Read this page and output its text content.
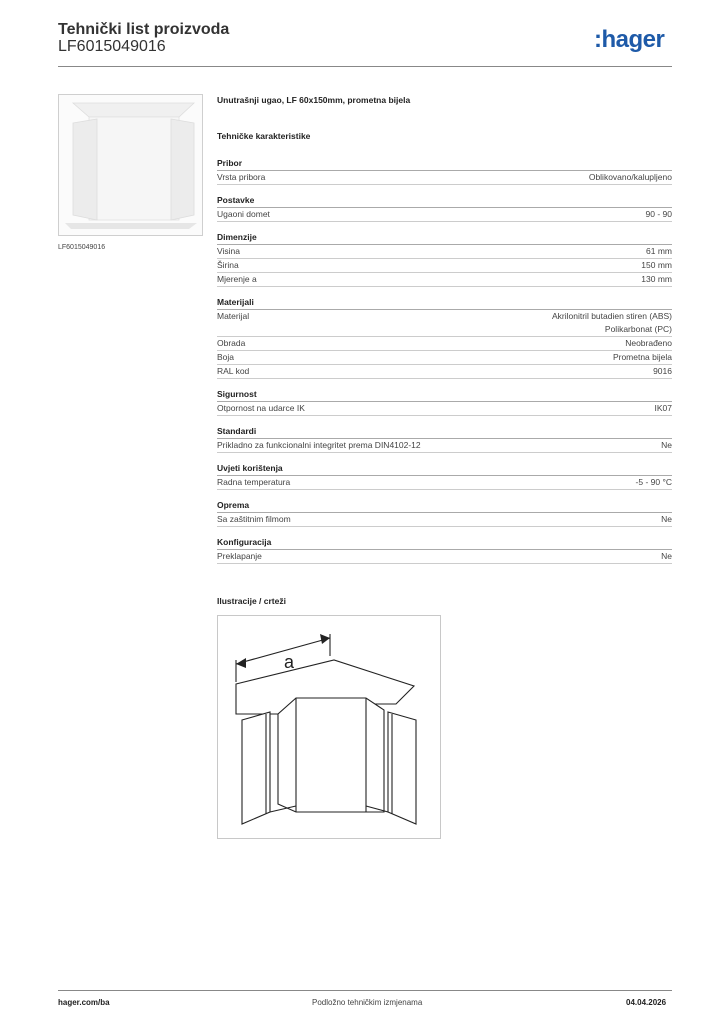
Tehnički list proizvoda
LF6015049016	:hager
LF6015049016
Unutrašnji ugao, LF 60x150mm, prometna bijela
Tehničke karakteristike
Pribor
Vrsta pribora	Oblikovano/kalupljeno
Postavke
Ugaoni domet	90 - 90
Dimenzije
Visina	61 mm
Širina	150 mm
Mjerenje a	130 mm
Materijali
Materijal	Akrilonitril butadien stiren (ABS)
Polikarbonat (PC)
Obrada	Neobrađeno
Boja	Prometna bijela
RAL kod	9016
Sigurnost
Otpornost na udarce IK	IK07
Standardi
Prikladno za funkcionalni integritet prema DIN4102-12	Ne
Uvjeti korištenja
Radna temperatura	-5 - 90 °C
Oprema
Sa zaštitnim filmom	Ne
Konfiguracija
Preklapanje	Ne
Ilustracije / crteži
a
hager.com/ba	Podložno tehničkim izmjenama	04.04.2026
